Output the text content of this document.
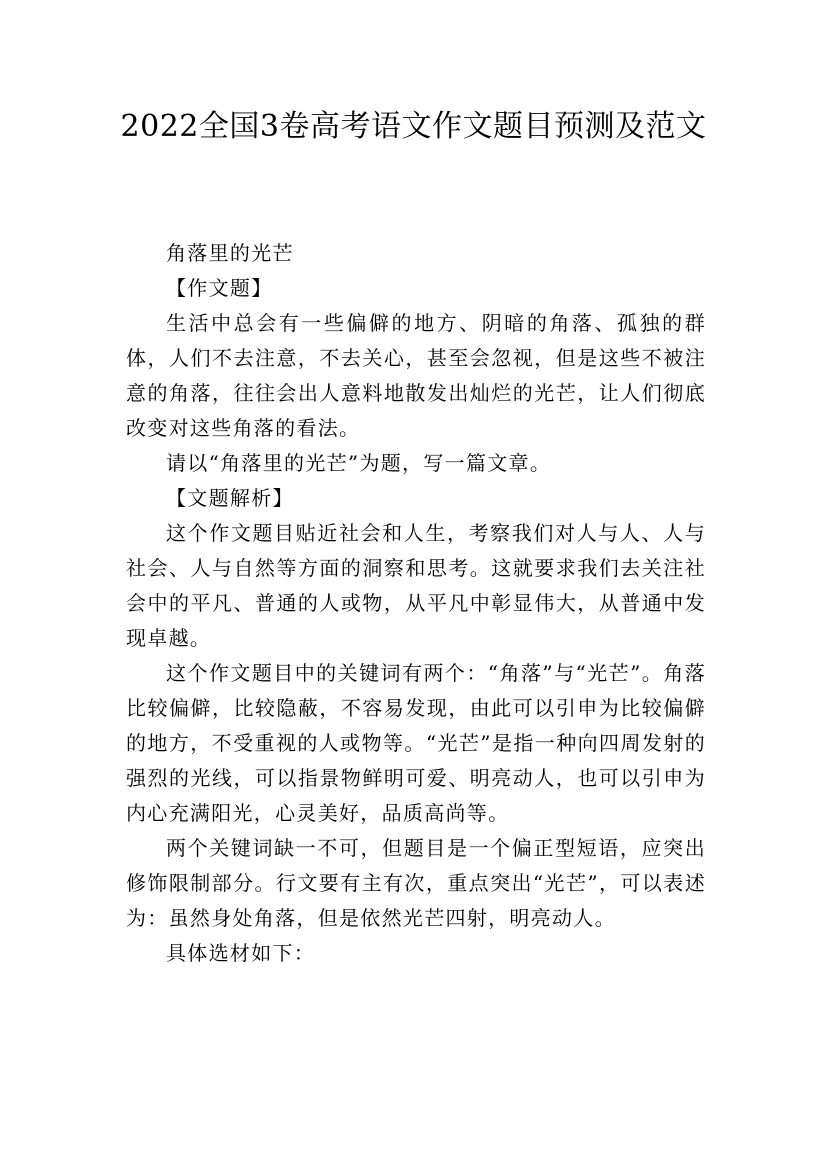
2022全国3卷高考语文作文题目预测及范文

角落里的光芒

【作文题】

生活中总会有一些偏僻的地方、阴暗的角落、孤独的群体，人们不去注意，不去关心，甚至会忽视，但是这些不被注意的角落，往往会出人意料地散发出灿烂的光芒，让人们彻底改变对这些角落的看法。

请以“角落里的光芒”为题，写一篇文章。

【文题解析】

这个作文题目贴近社会和人生，考察我们对人与人、人与社会、人与自然等方面的洞察和思考。这就要求我们去关注社会中的平凡、普通的人或物，从平凡中彰显伟大，从普通中发现卓越。

这个作文题目中的关键词有两个：“角落”与“光芒”。角落比较偏僻，比较隐蔽，不容易发现，由此可以引申为比较偏僻的地方，不受重视的人或物等。“光芒”是指一种向四周发射的强烈的光线，可以指景物鲜明可爱、明亮动人，也可以引申为内心充满阳光，心灵美好，品质高尚等。

两个关键词缺一不可，但题目是一个偏正型短语，应突出修饰限制部分。行文要有主有次，重点突出“光芒”，可以表述为：虽然身处角落，但是依然光芒四射，明亮动人。

具体选材如下：
